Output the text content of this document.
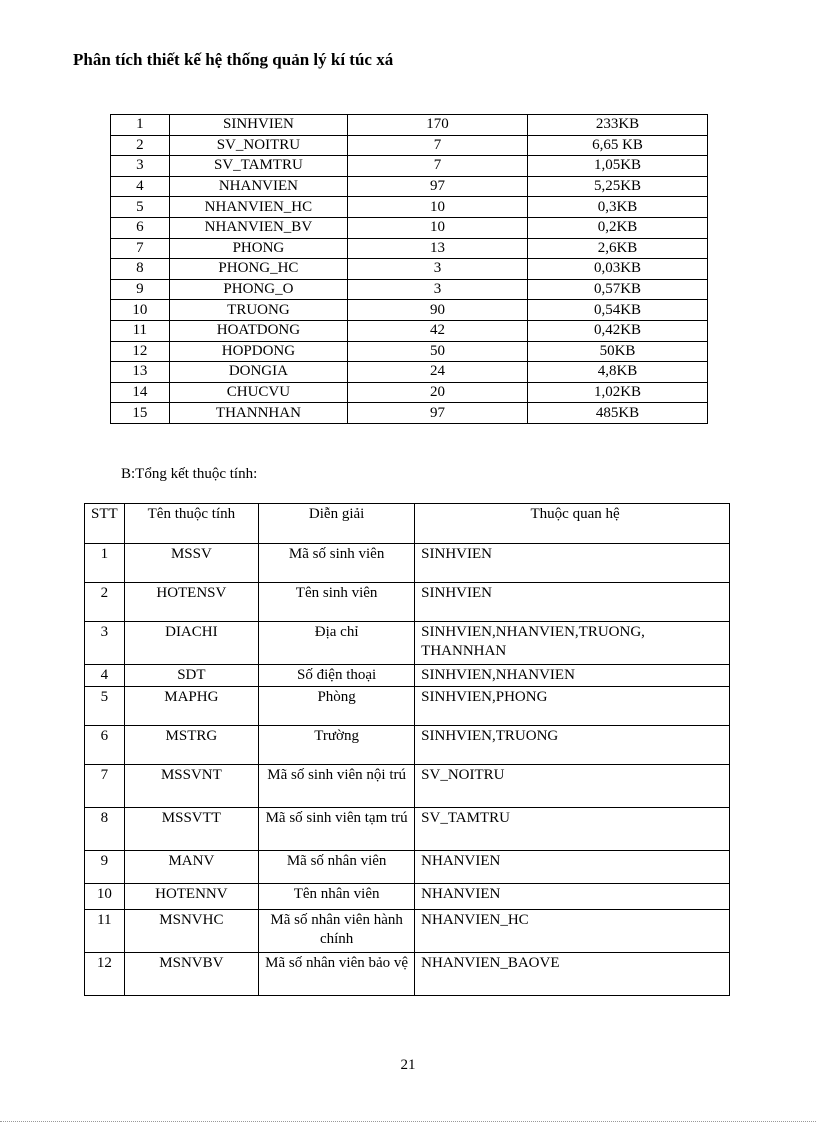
Phân tích thiết kế hệ thống quản lý kí túc xá
1	SINHVIEN	170	233KB
2	SV_NOITRU	7	6,65 KB
3	SV_TAMTRU	7	1,05KB
4	NHANVIEN	97	5,25KB
5	NHANVIEN_HC	10	0,3KB
6	NHANVIEN_BV	10	0,2KB
7	PHONG	13	2,6KB
8	PHONG_HC	3	0,03KB
9	PHONG_O	3	0,57KB
10	TRUONG	90	0,54KB
11	HOATDONG	42	0,42KB
12	HOPDONG	50	50KB
13	DONGIA	24	4,8KB
14	CHUCVU	20	1,02KB
15	THANNHAN	97	485KB
B:Tổng kết thuộc tính:
STT	Tên thuộc tính	Diễn giải	Thuộc quan hệ
1	MSSV	Mã số sinh viên	SINHVIEN
2	HOTENSV	Tên sinh viên	SINHVIEN
3	DIACHI	Địa chỉ	SINHVIEN,NHANVIEN,TRUONG, THANNHAN
4	SDT	Số điện thoại	SINHVIEN,NHANVIEN
5	MAPHG	Phòng	SINHVIEN,PHONG
6	MSTRG	Trường	SINHVIEN,TRUONG
7	MSSVNT	Mã số sinh viên nội trú	SV_NOITRU
8	MSSVTT	Mã số sinh viên tạm trú	SV_TAMTRU
9	MANV	Mã số nhân viên	NHANVIEN
10	HOTENNV	Tên nhân viên	NHANVIEN
11	MSNVHC	Mã số nhân viên hành chính	NHANVIEN_HC
12	MSNVBV	Mã số nhân viên bảo vệ	NHANVIEN_BAOVE
21
